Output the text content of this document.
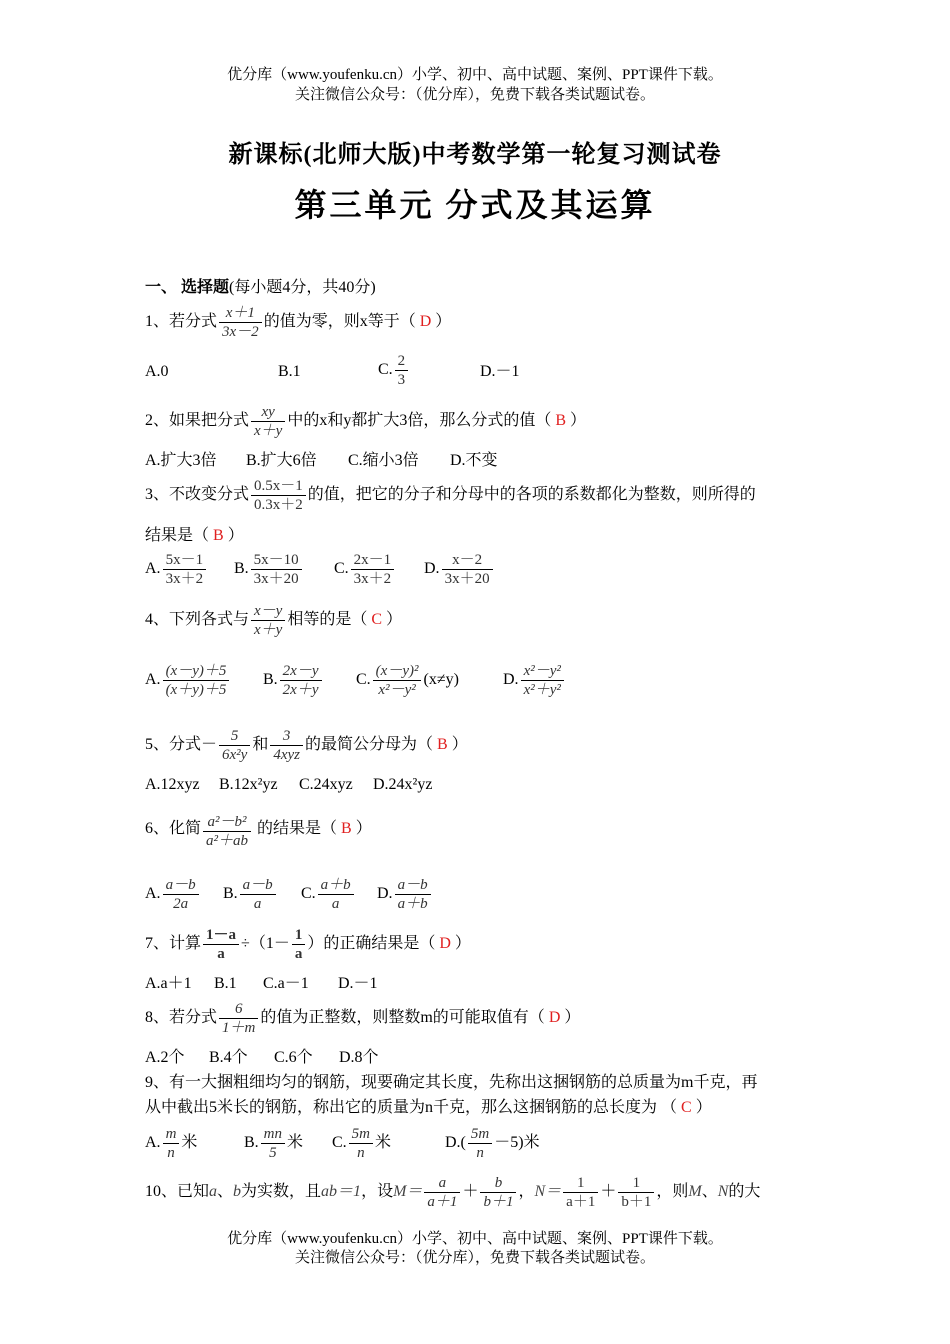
优分库（www.youfenku.cn）小学、初中、高中试题、案例、PPT课件下载。
关注微信公众号：（优分库），免费下载各类试题试卷。
新课标(北师大版)中考数学第一轮复习测试卷
第三单元 分式及其运算
一、 选择题(每小题4分，共40分)
1、若分式 $\frac{x+1}{3x-2}$ 的值为零，则x等于（ D ）
A.0	B.1	C. $\frac{2}{3}$	D.－1
2、如果把分式 $\frac{xy}{x+y}$ 中的x和y都扩大3倍，那么分式的值（ B ）
A.扩大3倍 B.扩大6倍 C.缩小3倍 D.不变
3、不改变分式 $\frac{0.5x-1}{0.3x+2}$ 的值，把它的分子和分母中的各项的系数都化为整数，则所得的
结果是（ B ）
A. $\frac{5x-1}{3x+2} B$. $\frac{5x-10}{3x+20} C$. $\frac{2x-1}{3x+2} D$. $\frac{x-2}{3x+20}$
4、下列各式与 $\frac{x-y}{x+y}$ 相等的是（ C ）
A. $\frac{(x-y)+5}{(x+y)+5} B$. $\frac{2x-y}{2x+y} C$. $\frac{\text{(x－y)²}}{\text{x²－y²}} (x\ne y)$	D. $\frac{\text{x²－y²}}{\text{x²＋y²}}$
5、分式－ $\frac{5}{\text{6x²y}}$ 和 $\frac{3}{\text{4xyz}}$ 的最简公分母为（ B ）
A.12xyz B.12x²yz C.24xyz D.24x²yz
6、化简 $\frac{\text{a²－b²}}{\text{a²＋ab}}$ 的结果是（ B ）
A. $\frac{a-b}{2a} B$. $\frac{a-b}{a} C$. $\frac{a+b}{a} D$. $\frac{a-b}{a+b}$
7、计算 $\frac{1-a}{a} \div(1- \frac{1}{a}$ ）的正确结果是（ D ）
A.a＋1 B.1 C.a－1 D.－1
8、若分式 $\frac{6}{1+m}$ 的值为正整数，则整数m的可能取值有（ D ）
A.2个 B.4个 C.6个 D.8个
9、有一大捆粗细均匀的钢筋，现要确定其长度，先称出这捆钢筋的总质量为m千克，再
从中截出5米长的钢筋，称出它的质量为n千克，那么这捆钢筋的总长度为 （ C ）
A. $\frac{m}{n}$ 米	B. $\frac{mn}{5}$ 米 C. $\frac{5m}{n}$ 米	$D.( \frac{5m}{n} -5)$米
10、已知a、b为实数，且ab＝1，设$M= \frac{a}{a+1} + \frac{b}{b+1}$ ，$N= \frac{1}{a+1} + \frac{1}{b+1}$ ，则M、N的大
优分库（www.youfenku.cn）小学、初中、高中试题、案例、PPT课件下载。
关注微信公众号：（优分库），免费下载各类试题试卷。
